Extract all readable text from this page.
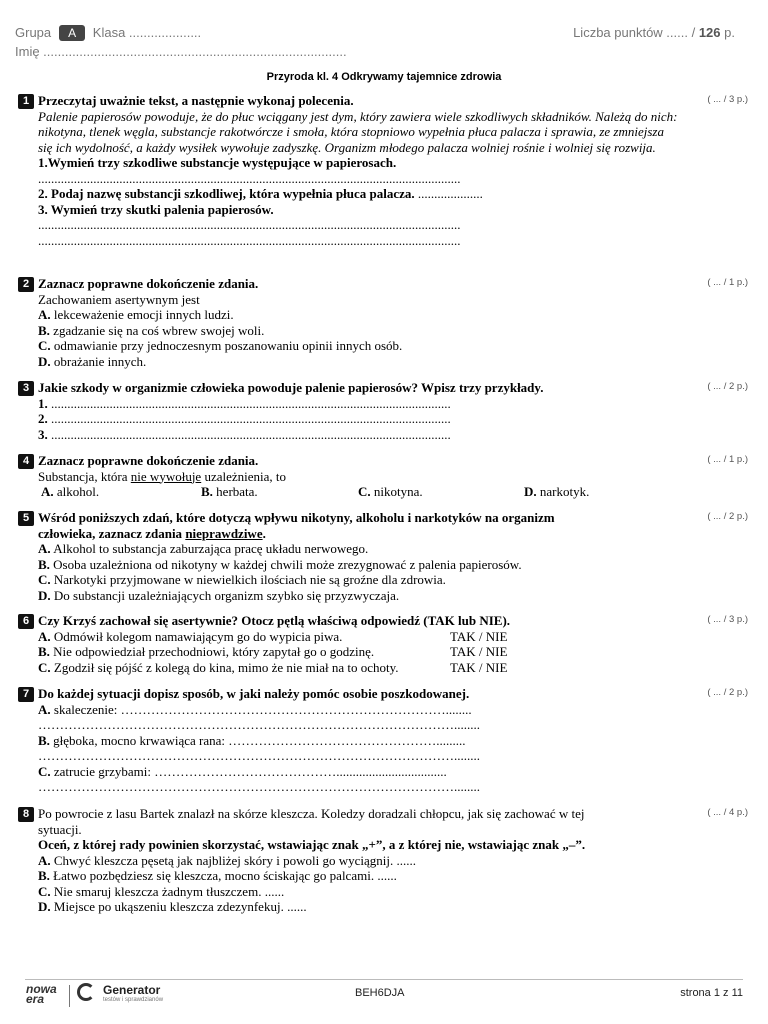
Grupa A Klasa ....................
Imię ....................................................................................
Liczba punktów ...... / 126 p.
Przyroda kl. 4 Odkrywamy tajemnice zdrowia
1	( ... / 3 p.)
Przeczytaj uważnie tekst, a następnie wykonaj polecenia.
Palenie papierosów powoduje, że do płuc wciągany jest dym, który zawiera wiele szkodliwych składników. Należą do nich: nikotyna, tlenek węgla, substancje rakotwórcze i smoła, która stopniowo wypełnia płuca palacza i sprawia, ze zmniejsza się ich wydolność, a każdy wysiłek wywołuje zadyszkę. Organizm młodego palacza wolniej rośnie i wolniej się rozwija.
1.Wymień trzy szkodliwe substancje występujące w papierosach.
..................................................................................................................................
2. Podaj nazwę substancji szkodliwej, która wypełnia płuca palacza. ....................
3. Wymień trzy skutki palenia papierosów.
..................................................................................................................................
..................................................................................................................................
2	( ... / 1 p.)
Zaznacz poprawne dokończenie zdania.
Zachowaniem asertywnym jest
A. lekceważenie emocji innych ludzi.
B. zgadzanie się na coś wbrew swojej woli.
C. odmawianie przy jednoczesnym poszanowaniu opinii innych osób.
D. obrażanie innych.
3	( ... / 2 p.)
Jakie szkody w organizmie człowieka powoduje palenie papierosów? Wpisz trzy przykłady.
1. ...........................................................................................................................
2. ...........................................................................................................................
3. ...........................................................................................................................
4	( ... / 1 p.)
Zaznacz poprawne dokończenie zdania.
Substancja, która nie wywołuje uzależnienia, to
A. alkohol.	B. herbata.	C. nikotyna.	D. narkotyk.
5	( ... / 2 p.)
Wśród poniższych zdań, które dotyczą wpływu nikotyny, alkoholu i narkotyków na organizm
człowieka, zaznacz zdania nieprawdziwe.
A. Alkohol to substancja zaburzająca pracę układu nerwowego.
B. Osoba uzależniona od nikotyny w każdej chwili może zrezygnować z palenia papierosów.
C. Narkotyki przyjmowane w niewielkich ilościach nie są groźne dla zdrowia.
D. Do substancji uzależniających organizm szybko się przyzwyczaja.
6	( ... / 3 p.)
Czy Krzyś zachował się asertywnie? Otocz pętlą właściwą odpowiedź (TAK lub NIE).
A. Odmówił kolegom namawiającym go do wypicia piwa.	TAK / NIE
B. Nie odpowiedział przechodniowi, który zapytał go o godzinę.	TAK / NIE
C. Zgodził się pójść z kolegą do kina, mimo że nie miał na to ochoty.	TAK / NIE
7	( ... / 2 p.)
Do każdej sytuacji dopisz sposób, w jaki należy pomóc osobie poszkodowanej.
A. skaleczenie: …………………………………………………………………........
……………………………………………………………………………………........
B. głęboka, mocno krwawiąca rana: ………………………………………….........
……………………………………………………………………………………........
C. zatrucie grzybami: ……………………………………..................................
……………………………………………………………………………………........
8	( ... / 4 p.)
Po powrocie z lasu Bartek znalazł na skórze kleszcza. Koledzy doradzali chłopcu, jak się zachować w tej
sytuacji.
Oceń, z której rady powinien skorzystać, wstawiając znak „+”, a z której nie, wstawiając znak „–”.
A. Chwyć kleszcza pęsetą jak najbliżej skóry i powoli go wyciągnij. ......
B. Łatwo pozbędziesz się kleszcza, mocno ściskając go palcami. ......
C. Nie smaruj kleszcza żadnym tłuszczem. ......
D. Miejsce po ukąszeniu kleszcza zdezynfekuj. ......
nowa
era
Generator
testów i sprawdzianów
BEH6DJA	strona 1 z 11
